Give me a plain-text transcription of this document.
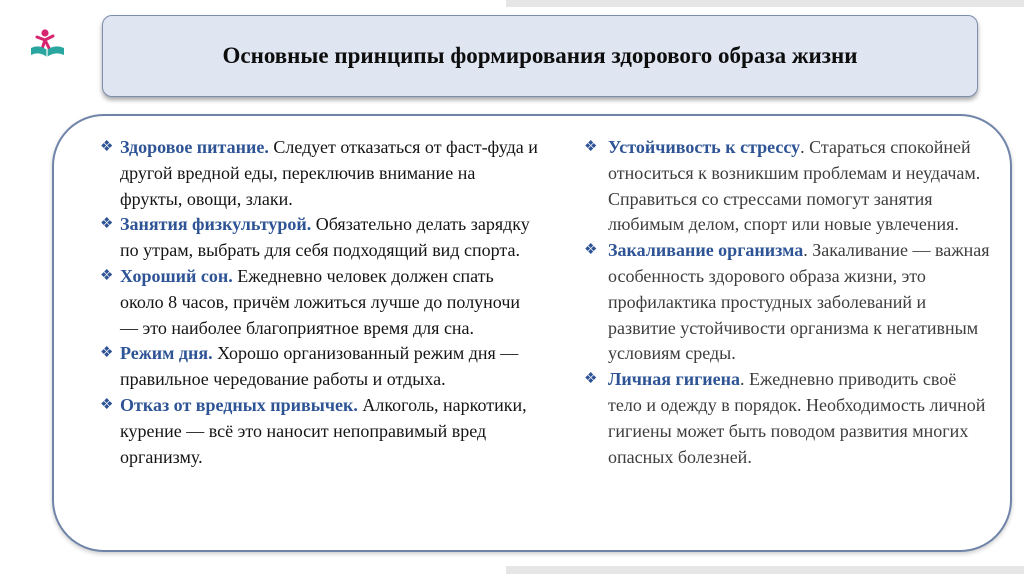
Основные принципы формирования здорового образа жизни
❖ Здоровое питание. Следует отказаться от фаст-фуда и другой вредной еды, переключив внимание на фрукты, овощи, злаки.
❖ Занятия физкультурой. Обязательно делать зарядку по утрам, выбрать для себя подходящий вид спорта.
❖ Хороший сон. Ежедневно человек должен спать около 8 часов, причём ложиться лучше до полуночи — это наиболее благоприятное время для сна.
❖ Режим дня. Хорошо организованный режим дня — правильное чередование работы и отдыха.
❖ Отказ от вредных привычек. Алкоголь, наркотики, курение — всё это наносит непоправимый вред организму.
❖ Устойчивость к стрессу. Стараться спокойней относиться к возникшим проблемам и неудачам. Справиться со стрессами помогут занятия любимым делом, спорт или новые увлечения.
❖ Закаливание организма. Закаливание — важная особенность здорового образа жизни, это профилактика простудных заболеваний и развитие устойчивости организма к негативным условиям среды.
❖ Личная гигиена. Ежедневно приводить своё тело и одежду в порядок. Необходимость личной гигиены может быть поводом развития многих опасных болезней.
